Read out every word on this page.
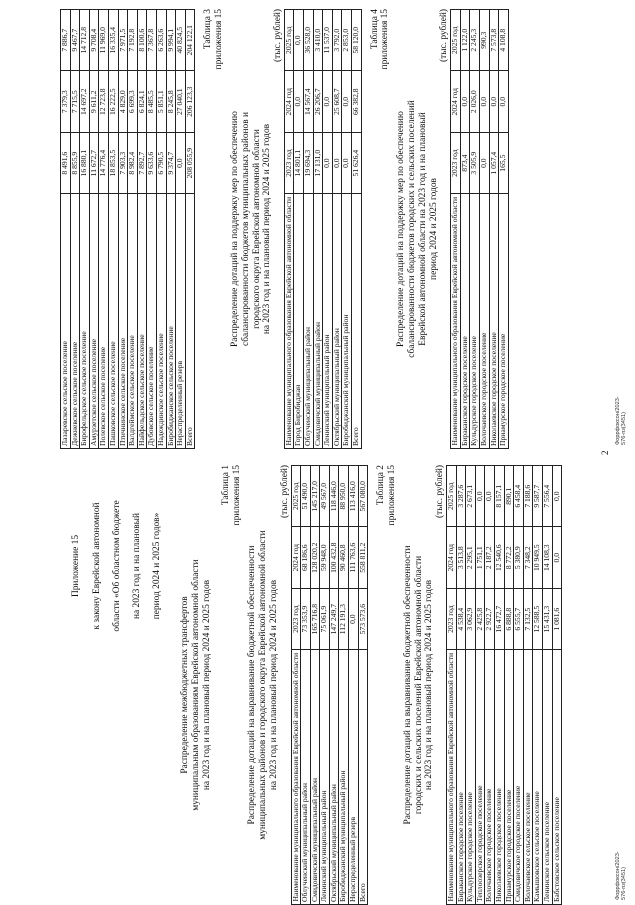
Приложение 15 к закону Еврейской автономной области «Об областном бюджете на 2023 год и на плановый период 2024 и 2025 годов»

Распределение межбюджетных трансфертов муниципальным образованиям Еврейской автономной области на 2023 год и на плановый период 2024 и 2025 годов

Таблица 1 приложения 15

Распределение дотаций на выравнивание бюджетной обеспеченности муниципальных районов и городского округа Еврейской автономной области на 2023 год и на плановый период 2024 и 2025 годов

(тыс. рублей)

Наименование муниципального образования Еврейской автономной области	2023 год	2024 год	2025 год
Облученский муниципальный район	73 353,9	68 186,6	51 490,0
Смидовичский муниципальный район	165 716,8	128 020,2	145 217,0
Ленинский муниципальный район	75 061,9	59 948,0	49 567,0
Октябрьский муниципальный район	147 249,7	100 432,8	118 446,0
Биробиджанский муниципальный район	112 191,3	90 460,8	88 950,0
Нераспределенный резерв	0,0	111 763,6	113 416,0
Всего	573 573,6	558 811,2	567 080,0 Таблица 2 приложения 15

Распределение дотаций на выравнивание бюджетной обеспеченности городских и сельских поселений Еврейской автономной области на 2023 год и на плановый период 2024 и 2025 годов

(тыс. рублей)

Наименование муниципального образования Еврейской автономной области	2023 год	2024 год	2025 год
Бираканское городское поселение	4 538,4	3 513,8	3 287,6
Кульдурское городское поселение	3 062,9	2 295,1	2 673,1
Теплоозерское городское поселение	2 425,8	1 751,1	0,0
Волочаевское городское поселение	2 922,7	2 187,2	0,0
Николаевское городское поселение	16 472,7	12 540,6	8 157,1
Приамурское городское поселение	6 888,8	8 772,2	890,1
Смидовичское городское поселение	6 555,7	5 380,9	6 458,4
Волочаевское сельское поселение	7 132,5	7 348,2	7 188,6
Камышовское сельское поселение	12 588,5	10 949,5	9 587,7
Ленинское сельское поселение	15 431,3	14 108,3	7 556,4
Бабстовское сельское поселение	1 081,6	0,0	0,0
Лазаревское сельское поселение	8 491,6	7 379,3	7 886,7
Дежневское сельское поселение	8 855,9	7 715,5	9 467,7
Бирофельдское сельское поселение	16 880,1	14 697,2	14 712,8
Амурзетское сельское поселение	11 672,7	9 611,2	9 708,4
Полевское сельское поселение	14 776,4	12 723,8	11 969,0
Пашковское сельское поселение	18 853,5	16 222,5	16 335,4
Птичнинское сельское поселение	7 903,3	4 829,0	7 971,5
Валдгеймское сельское поселение	8 982,4	6 699,3	7 192,8
Найфельдское сельское поселение	7 892,7	6 824,1	8 100,6
Дубовское сельское поселение	9 633,6	8 485,5	7 367,8
Надеждинское сельское поселение	6 790,5	5 851,1	6 263,6
Биробиджанское сельское поселение	9 374,7	8 245,8	9 994,1
Нераспределенный резерв	0,0	27 040,1	40 824,5
Всего	208 055,9	206 123,3	204 122,1 Таблица 3 приложения 15

Распределение дотаций на поддержку мер по обеспечению сбалансированности бюджетов муниципальных районов и городского округа Еврейской автономной области на 2023 год и на плановый период 2024 и 2025 годов

(тыс. рублей)

Наименование муниципального образования Еврейской автономной области	2023 год	2024 год	2025 год
Город Биробиджан	14 801,1	0,0	0,0
Облученский муниципальный район	19 694,3	14 567,4	36 528,0
Смидовичский муниципальный район	17 131,0	26 206,7	3 410,0
Ленинский муниципальный район	0,0	0,0	11 537,0
Октябрьский муниципальный район	0,0	25 608,7	3 792,0
Биробиджанский муниципальный район	0,0	0,0	2 853,0
Всего	51 626,4	66 382,8	58 120,0 Таблица 4 приложения 15

Распределение дотаций на поддержку мер по обеспечению сбалансированности бюджетов городских и сельских поселений Еврейской автономной области на 2023 год и на плановый период 2024 и 2025 годов

(тыс. рублей)

Наименование муниципального образования Еврейской автономной области	2023 год	2024 год	2025 год
Бираканское городское поселение	873,4	0,0	1 122,0
Кульдурское городское поселение	3 505,9	2 026,0	2 245,3
Волочаевское городское поселение	0,0	0,0	990,3
Николаевское городское поселение	1 057,4	0,0	7 573,8
Приамурское городское поселение	165,5	0,0	4 108,8
2
Форрфоксон/2023-576-пз(3451)
Форрфоксон/2023-576-пз(3451)
